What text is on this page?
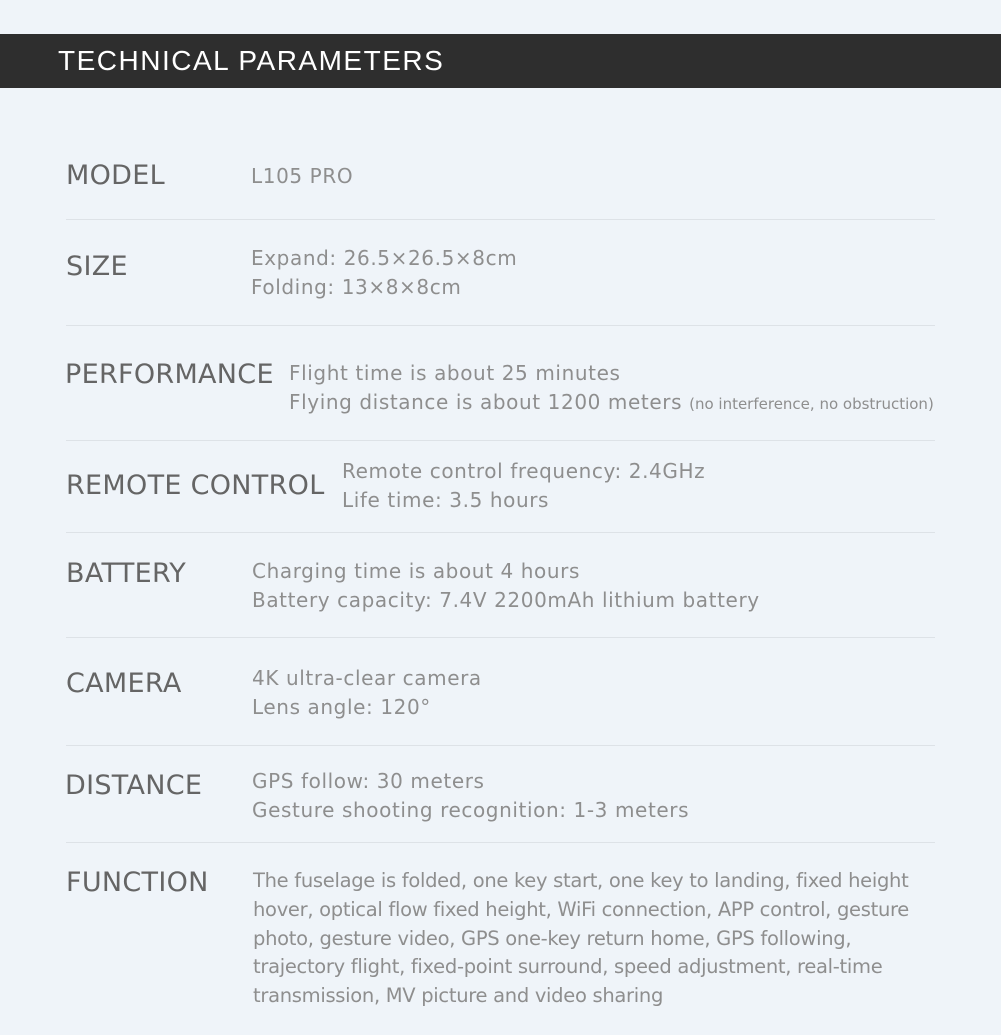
TECHNICAL PARAMETERS
MODEL	L105 PRO
SIZE	Expand: 26.5×26.5×8cm
Folding: 13×8×8cm
PERFORMANCE Flight time is about 25 minutes
Flying distance is about 1200 meters (no interference, no obstruction)
REMOTE CONTROL Remote control frequency: 2.4GHz
Life time: 3.5 hours
BATTERY	Charging time is about 4 hours
Battery capacity: 7.4V 2200mAh lithium battery
CAMERA	4K ultra-clear camera
Lens angle: 120°
DISTANCE GPS follow: 30 meters
Gesture shooting recognition: 1-3 meters
FUNCTION The fuselage is folded, one key start, one key to landing, fixed height hover, optical flow fixed height, WiFi connection, APP control, gesture photo, gesture video, GPS one-key return home, GPS following, trajectory flight, fixed-point surround, speed adjustment, real-time transmission, MV picture and video sharing
